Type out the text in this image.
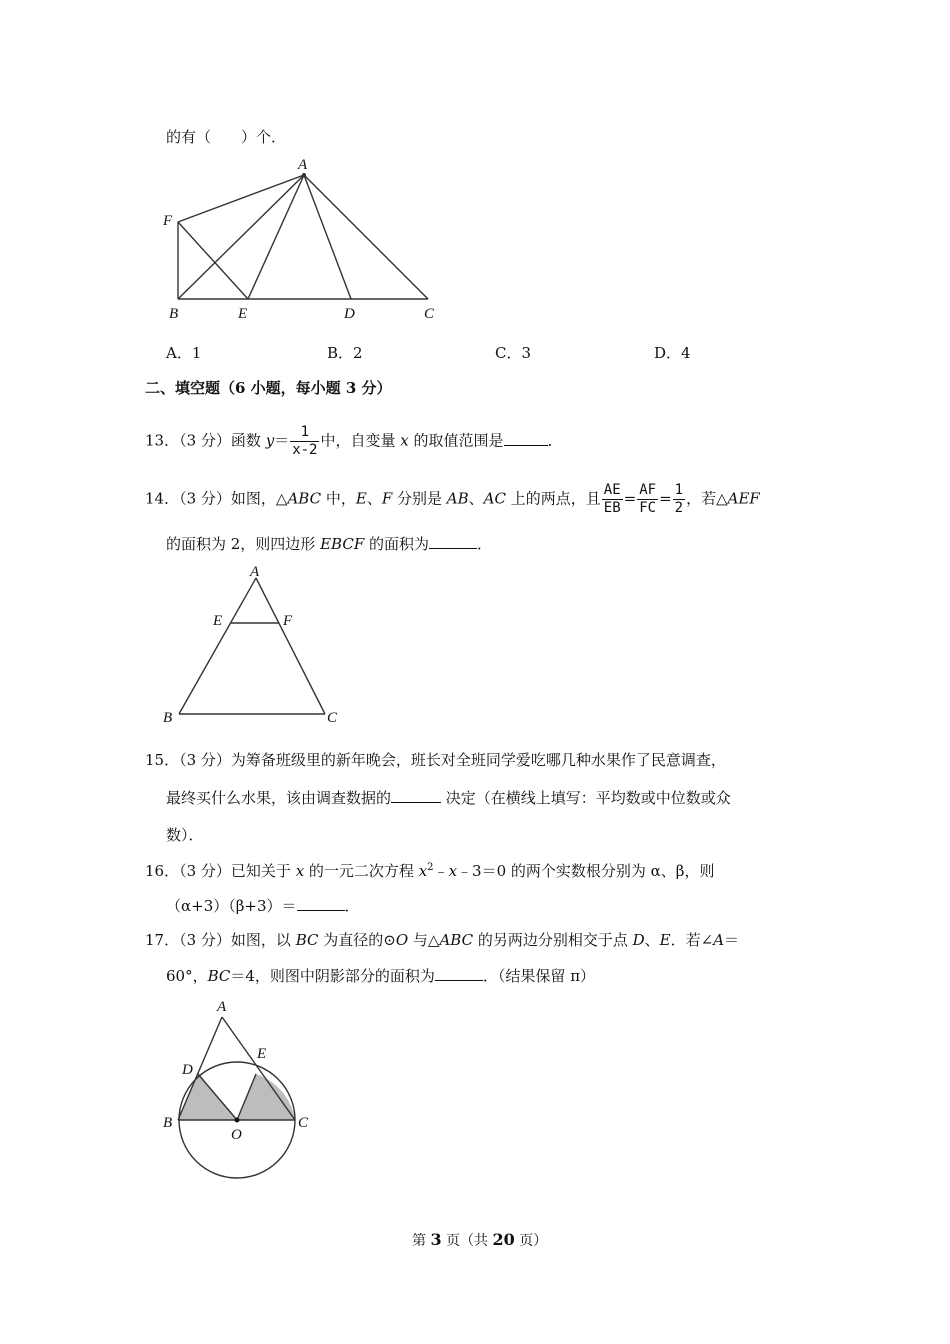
的有（　　）个．
A
F
B	E	D	C
A．1	B．2	C．3	D．4
二、填空题（6 小题，每小题 3 分）
13．（3 分）函数 $y= \frac{1}{x-2}$ 中，自变量 x 的取值范围是	．
14．（3 分）如图，△ABC 中，E、F 分别是 AB、AC 上的两点，且 $\frac{AE}{EB} = \frac{AF}{FC} = \frac{1}{2}$ ，若△AEF
的面积为 2，则四边形 EBCF 的面积为	．
A
E	F
B	C
15．（3 分）为筹备班级里的新年晚会，班长对全班同学爱吃哪几种水果作了民意调查，
最终买什么水果，该由调查数据的	决定（在横线上填写：平均数或中位数或众
数）．
16．（3 分）已知关于 x 的一元二次方程 $x^2﹣x﹣3=0$ 的两个实数根分别为 α、β，则
（α+3）（β+3）＝	．
17．（3 分）如图，以 BC 为直径的⊙O 与△ABC 的另两边分别相交于点 D、E．若∠A＝
60°，BC＝4，则图中阴影部分的面积为	．（结果保留 π）
A
D
E
B
O
C
第 3 页（共 20 页）
